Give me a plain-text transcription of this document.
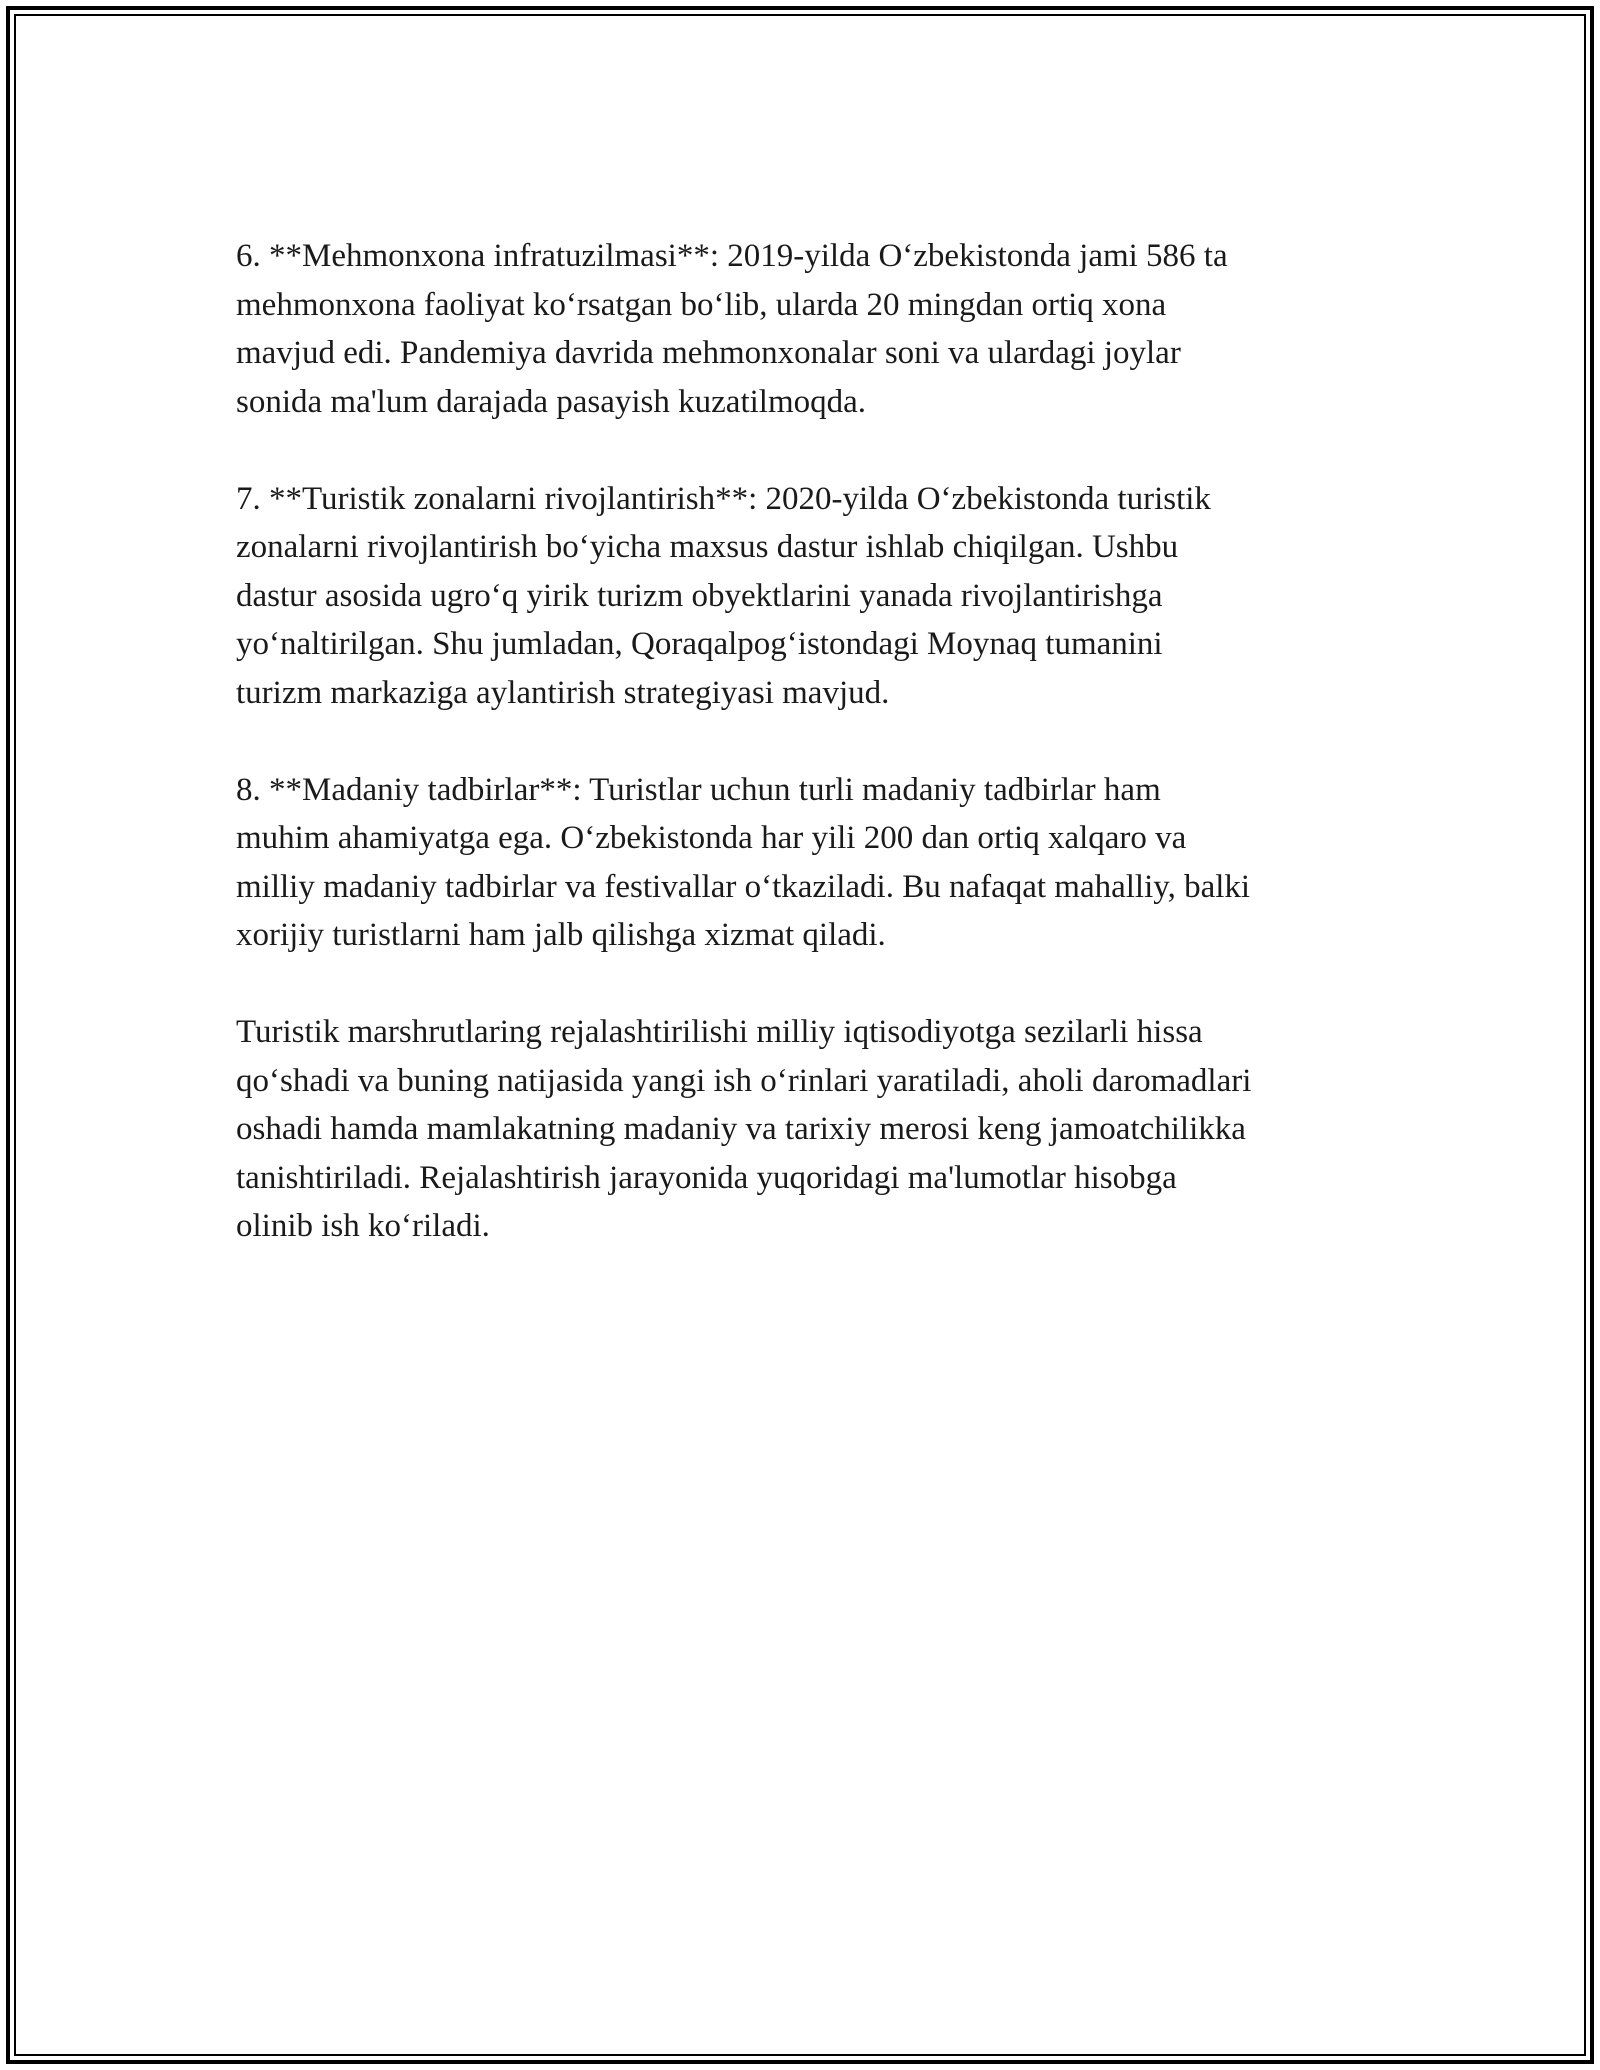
6. **Mehmonxona infratuzilmasi**: 2019-yilda O‘zbekistonda jami 586 ta
mehmonxona faoliyat ko‘rsatgan bo‘lib, ularda 20 mingdan ortiq xona
mavjud edi. Pandemiya davrida mehmonxonalar soni va ulardagi joylar
sonida ma'lum darajada pasayish kuzatilmoqda.

7. **Turistik zonalarni rivojlantirish**: 2020-yilda O‘zbekistonda turistik
zonalarni rivojlantirish bo‘yicha maxsus dastur ishlab chiqilgan. Ushbu
dastur asosida ugro‘q yirik turizm obyektlarini yanada rivojlantirishga
yo‘naltirilgan. Shu jumladan, Qoraqalpog‘istondagi Moynaq tumanini
turizm markaziga aylantirish strategiyasi mavjud.

8. **Madaniy tadbirlar**: Turistlar uchun turli madaniy tadbirlar ham
muhim ahamiyatga ega. O‘zbekistonda har yili 200 dan ortiq xalqaro va
milliy madaniy tadbirlar va festivallar o‘tkaziladi. Bu nafaqat mahalliy, balki
xorijiy turistlarni ham jalb qilishga xizmat qiladi.

Turistik marshrutlaring rejalashtirilishi milliy iqtisodiyotga sezilarli hissa
qo‘shadi va buning natijasida yangi ish o‘rinlari yaratiladi, aholi daromadlari
oshadi hamda mamlakatning madaniy va tarixiy merosi keng jamoatchilikka
tanishtiriladi. Rejalashtirish jarayonida yuqoridagi ma'lumotlar hisobga
olinib ish ko‘riladi.
